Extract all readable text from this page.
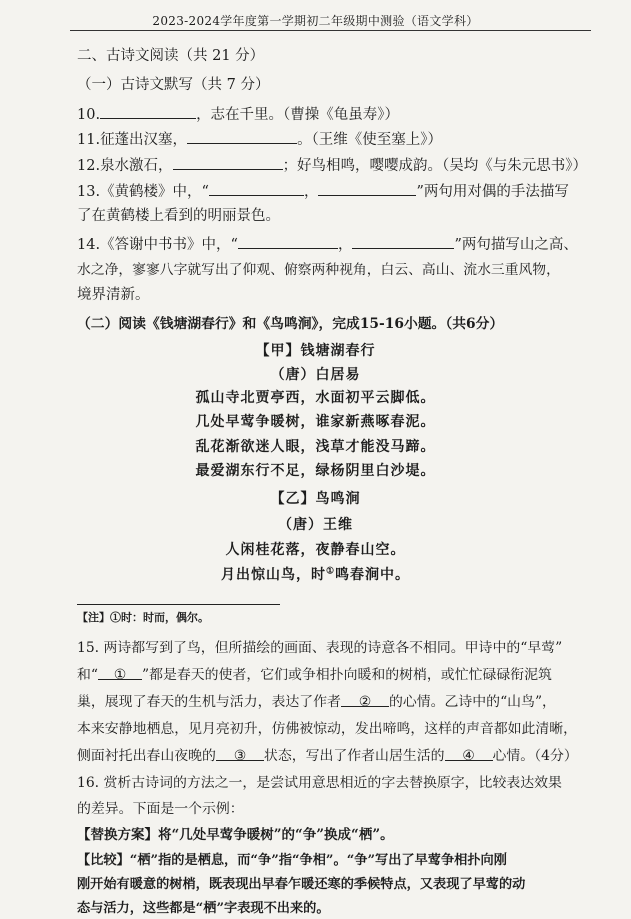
2023-2024学年度第一学期初二年级期中测验（语文学科）
二、古诗文阅读（共 21 分）
（一）古诗文默写（共 7 分）
10.	，志在千里。（曹操《龟虽寿》）
11.征蓬出汉塞，	。（王维《使至塞上》）
12.泉水激石，	；好鸟相鸣，嘤嘤成韵。（吴均《与朱元思书》）
13.《黄鹤楼》中，“	，	”两句用对偶的手法描写
了在黄鹤楼上看到的明丽景色。
14.《答谢中书书》中，“	，	”两句描写山之高、
水之净，寥寥八字就写出了仰观、俯察两种视角，白云、高山、流水三重风物，
境界清新。
（二）阅读《钱塘湖春行》和《鸟鸣涧》，完成15-16小题。（共6分）
【甲】钱塘湖春行
（唐）白居易
孤山寺北贾亭西，水面初平云脚低。
几处早莺争暖树，谁家新燕啄春泥。
乱花渐欲迷人眼，浅草才能没马蹄。
最爱湖东行不足，绿杨阴里白沙堤。
【乙】鸟鸣涧
（唐）王维
人闲桂花落，夜静春山空。
月出惊山鸟，时①鸣春涧中。
【注】①时：时而，偶尔。
15. 两诗都写到了鸟，但所描绘的画面、表现的诗意各不相同。甲诗中的“早莺”
和“ ① ”都是春天的使者，它们或争相扑向暖和的树梢，或忙忙碌碌衔泥筑
巢，展现了春天的生机与活力，表达了作者 ② 的心情。乙诗中的“山鸟”，
本来安静地栖息，见月亮初升，仿佛被惊动，发出啼鸣，这样的声音都如此清晰，
侧面衬托出春山夜晚的 ③ 状态，写出了作者山居生活的 ④ 心情。（4分）
16. 赏析古诗词的方法之一，是尝试用意思相近的字去替换原字，比较表达效果
的差异。下面是一个示例：
【替换方案】将“几处早莺争暖树”的“争”换成“栖”。
【比较】“栖”指的是栖息，而“争”指“争相”。“争”写出了早莺争相扑向刚
刚开始有暖意的树梢，既表现出早春乍暖还寒的季候特点，又表现了早莺的动
态与活力，这些都是“栖”字表现不出来的。
